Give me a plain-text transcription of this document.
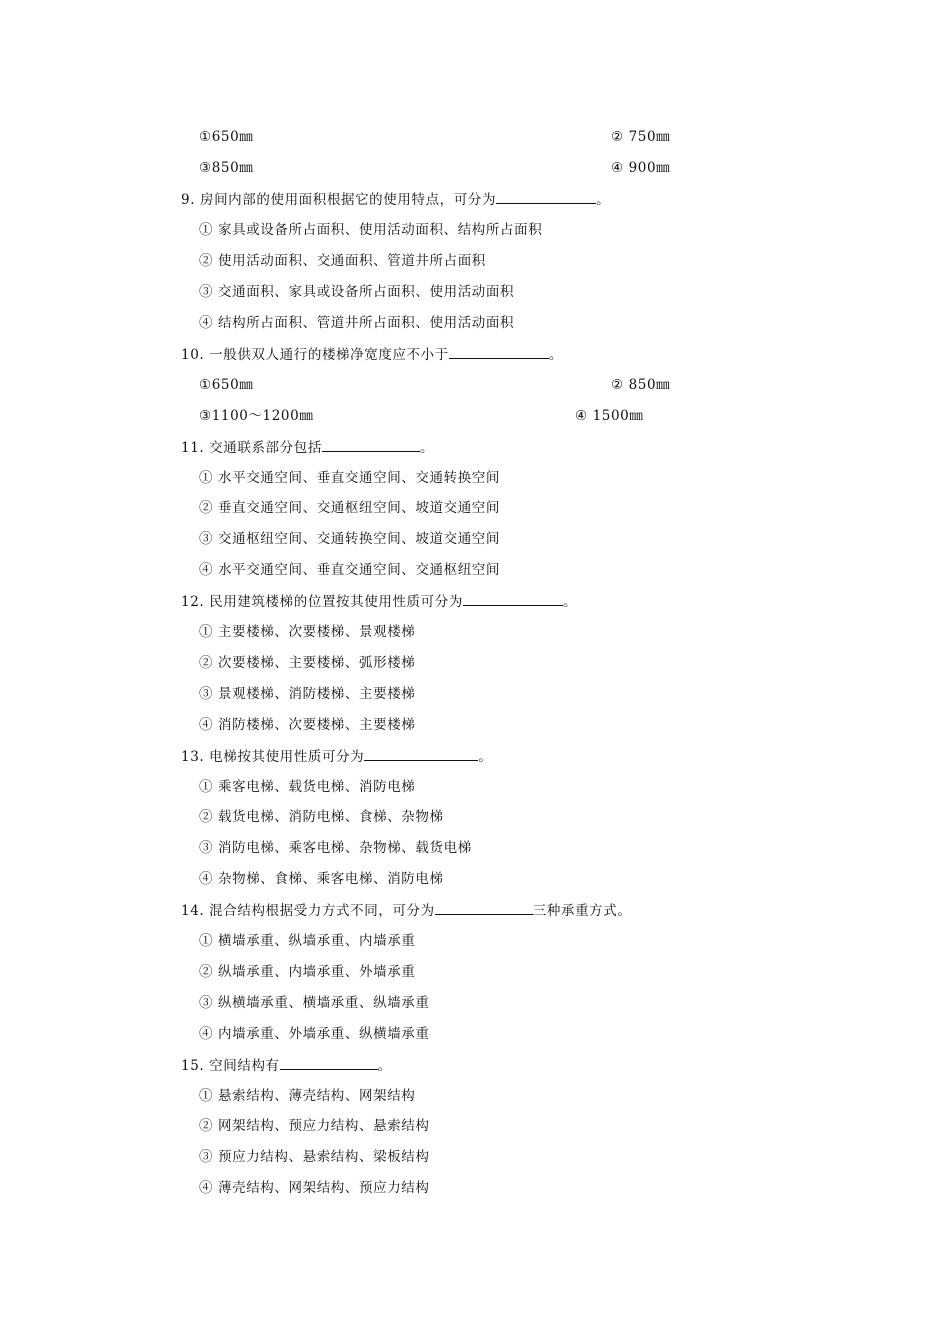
①650㎜	② 750㎜
③850㎜	④ 900㎜
9. 房间内部的使用面积根据它的使用特点，可分为	。
① 家具或设备所占面积、使用活动面积、结构所占面积
② 使用活动面积、交通面积、管道井所占面积
③ 交通面积、家具或设备所占面积、使用活动面积
④ 结构所占面积、管道井所占面积、使用活动面积
10. 一般供双人通行的楼梯净宽度应不小于	。
①650㎜	② 850㎜
③1100～1200㎜	④ 1500㎜
11. 交通联系部分包括	。
① 水平交通空间、垂直交通空间、交通转换空间
② 垂直交通空间、交通枢纽空间、坡道交通空间
③ 交通枢纽空间、交通转换空间、坡道交通空间
④ 水平交通空间、垂直交通空间、交通枢纽空间
12. 民用建筑楼梯的位置按其使用性质可分为	。
① 主要楼梯、次要楼梯、景观楼梯
② 次要楼梯、主要楼梯、弧形楼梯
③ 景观楼梯、消防楼梯、主要楼梯
④ 消防楼梯、次要楼梯、主要楼梯
13. 电梯按其使用性质可分为	。
① 乘客电梯、载货电梯、消防电梯
② 载货电梯、消防电梯、食梯、杂物梯
③ 消防电梯、乘客电梯、杂物梯、载货电梯
④ 杂物梯、食梯、乘客电梯、消防电梯
14. 混合结构根据受力方式不同，可分为	三种承重方式。
① 横墙承重、纵墙承重、内墙承重
② 纵墙承重、内墙承重、外墙承重
③ 纵横墙承重、横墙承重、纵墙承重
④ 内墙承重、外墙承重、纵横墙承重
15. 空间结构有	。
① 悬索结构、薄壳结构、网架结构
② 网架结构、预应力结构、悬索结构
③ 预应力结构、悬索结构、梁板结构
④ 薄壳结构、网架结构、预应力结构
